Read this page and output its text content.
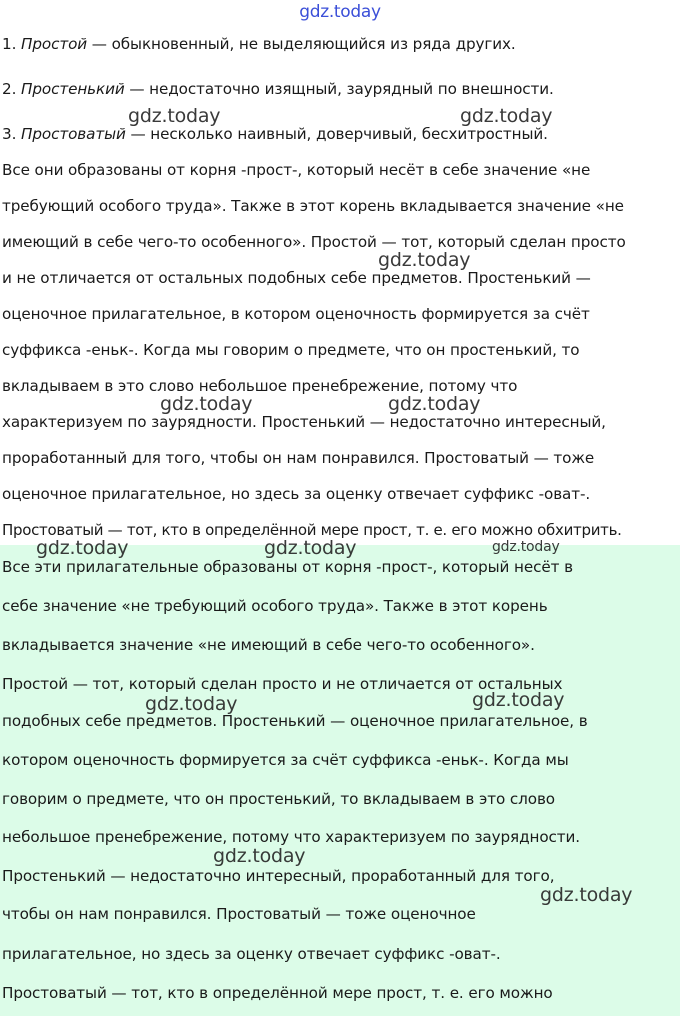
gdz.today
1. Простой — обыкновенный, не выделяющийся из ряда других.
2. Простенький — недостаточно изящный, заурядный по внешности.
3. Простоватый — несколько наивный, доверчивый, бесхитростный.
Все они образованы от корня -прост-, который несёт в себе значение «не
требующий особого труда». Также в этот корень вкладывается значение «не
имеющий в себе чего-то особенного». Простой — тот, который сделан просто
и не отличается от остальных подобных себе предметов. Простенький —
оценочное прилагательное, в котором оценочность формируется за счёт
суффикса -еньк-. Когда мы говорим о предмете, что он простенький, то
вкладываем в это слово небольшое пренебрежение, потому что
характеризуем по заурядности. Простенький — недостаточно интересный,
проработанный для того, чтобы он нам понравился. Простоватый — тоже
оценочное прилагательное, но здесь за оценку отвечает суффикс -оват-.
Простоватый — тот, кто в определённой мере прост, т. е. его можно обхитрить.
Все эти прилагательные образованы от корня -прост-, который несёт в
себе значение «не требующий особого труда». Также в этот корень
вкладывается значение «не имеющий в себе чего-то особенного».
Простой — тот, который сделан просто и не отличается от остальных
подобных себе предметов. Простенький — оценочное прилагательное, в
котором оценочность формируется за счёт суффикса -еньк-. Когда мы
говорим о предмете, что он простенький, то вкладываем в это слово
небольшое пренебрежение, потому что характеризуем по заурядности.
Простенький — недостаточно интересный, проработанный для того,
чтобы он нам понравился. Простоватый — тоже оценочное
прилагательное, но здесь за оценку отвечает суффикс -оват-.
Простоватый — тот, кто в определённой мере прост, т. е. его можно
gdz.today	gdz.today
gdz.today
gdz.today	gdz.today
gdz.today	gdz.today	gdz.today
gdz.today	gdz.today
gdz.today
gdz.today
